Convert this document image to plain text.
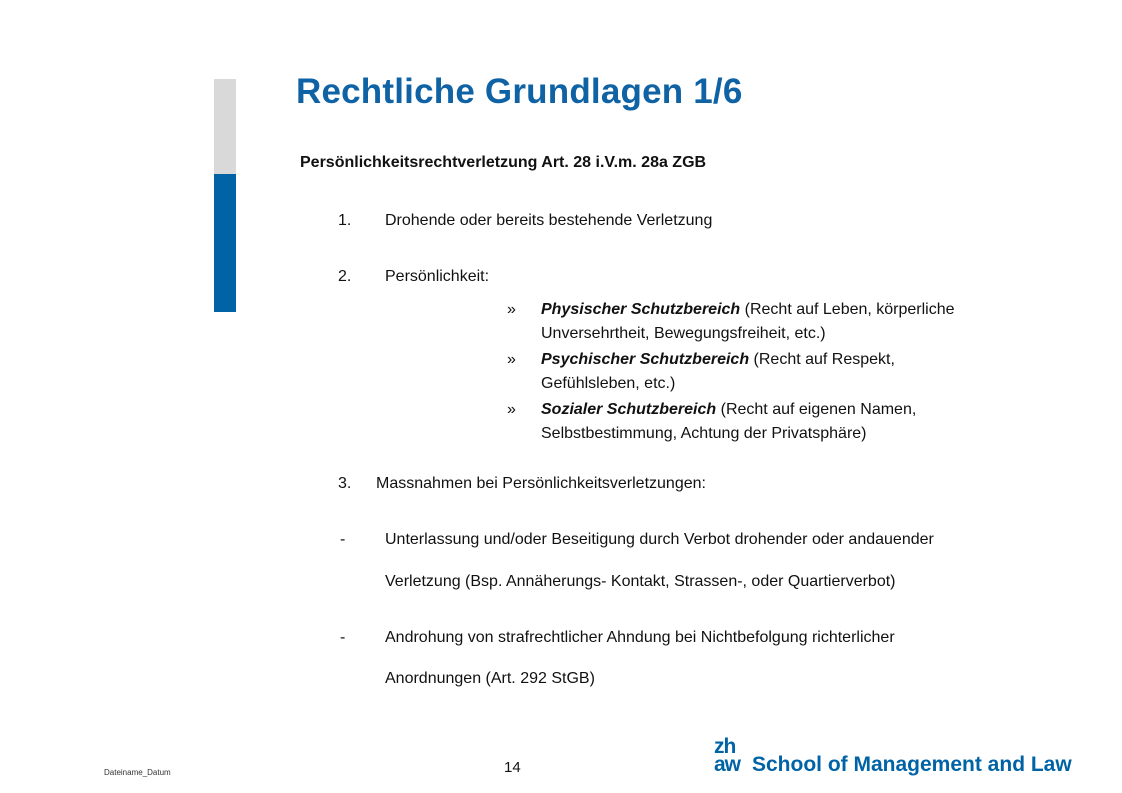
Rechtliche Grundlagen 1/6
Persönlichkeitsrechtverletzung Art. 28 i.V.m. 28a ZGB
1. Drohende oder bereits bestehende Verletzung
2. Persönlichkeit:
» Physischer Schutzbereich (Recht auf Leben, körperliche
Unversehrtheit, Bewegungsfreiheit, etc.)
» Psychischer Schutzbereich (Recht auf Respekt,
Gefühlsleben, etc.)
» Sozialer Schutzbereich (Recht auf eigenen Namen,
Selbstbestimmung, Achtung der Privatsphäre)
3. Massnahmen bei Persönlichkeitsverletzungen:
- Unterlassung und/oder Beseitigung durch Verbot drohender oder andauender
Verletzung (Bsp. Annäherungs- Kontakt, Strassen-, oder Quartierverbot)
- Androhung von strafrechtlicher Ahndung bei Nichtbefolgung richterlicher
Anordnungen (Art. 292 StGB)
Dateiname_Datum	14
zh
aw School of Management and Law
